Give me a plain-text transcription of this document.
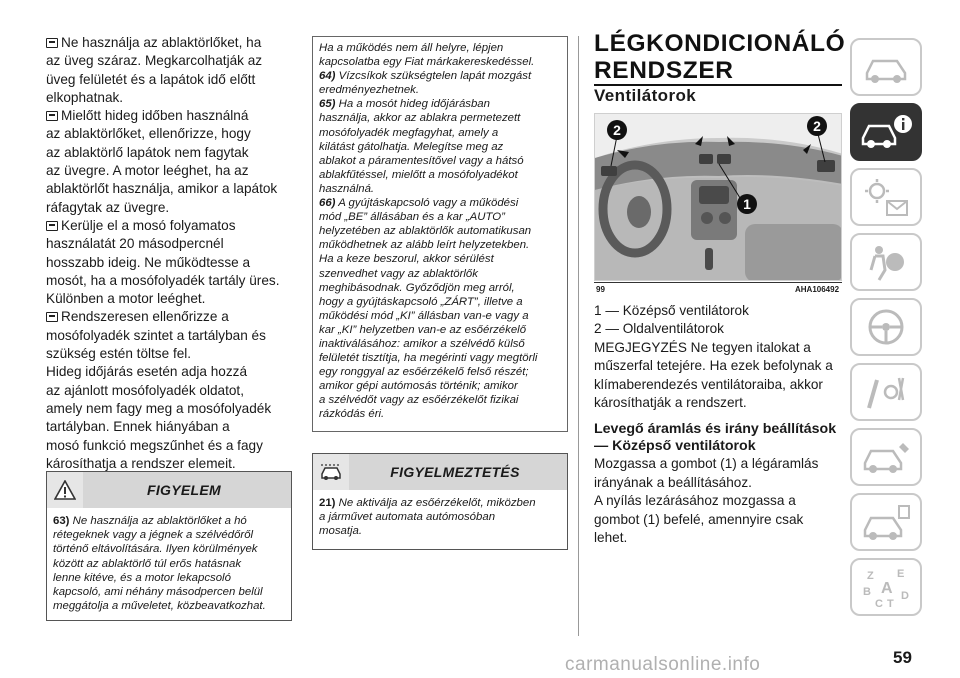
Ne használja az ablaktörlőket, ha

az üveg száraz. Megkarcolhatják az

üveg felületét és a lapátok idő előtt

elkophatnak.

Mielőtt hideg időben használná

az ablaktörlőket, ellenőrizze, hogy

az ablaktörlő lapátok nem fagytak

az üvegre. A motor leéghet, ha az

ablaktörlőt használja, amikor a lapátok

ráfagytak az üvegre.

Kerülje el a mosó folyamatos

használatát 20 másodpercnél

hosszabb ideig. Ne működtesse a

mosót, ha a mosófolyadék tartály üres.

Különben a motor leéghet.

Rendszeresen ellenőrizze a

mosófolyadék szintet a tartályban és

szükség estén töltse fel.

Hideg időjárás esetén adja hozzá

az ajánlott mosófolyadék oldatot,

amely nem fagy meg a mosófolyadék

tartályban. Ennek hiányában a

mosó funkció megszűnhet és a fagy

károsíthatja a rendszer elemeit.

FIGYELEM
63) Ne használja az ablaktörlőket a hó
rétegeknek vagy a jégnek a szélvédőről
történő eltávolítására. Ilyen körülmények
között az ablaktörlő túl erős hatásnak
lenne kitéve, és a motor lekapcsoló
kapcsoló, ami néhány másodpercen belül
meggátolja a műveletet, közbeavatkozhat.

Ha a működés nem áll helyre, lépjen
kapcsolatba egy Fiat márkakereskedéssel.

64) Vízcsíkok szükségtelen lapát mozgást
eredményezhetnek.

65) Ha a mosót hideg időjárásban
használja, akkor az ablakra permetezett
mosófolyadék megfagyhat, amely a
kilátást gátolhatja. Melegítse meg az
ablakot a páramentesítővel vagy a hátsó
ablakfűtéssel, mielőtt a mosófolyadékot
használná.

66) A gyújtáskapcsoló vagy a működési
mód „BE” állásában és a kar „AUTO”
helyzetében az ablaktörlők automatikusan
működhetnek az alább leírt helyzetekben.
Ha a keze beszorul, akkor sérülést
szenvedhet vagy az ablaktörlők
meghibásodnak. Győződjön meg arról,
hogy a gyújtáskapcsoló „ZÁRT”, illetve a
működési mód „KI” állásban van-e vagy a
kar „KI” helyzetben van-e az esőérzékelő
inaktiválásához: amikor a szélvédő külső
felületét tisztítja, ha megérinti vagy megtörli
egy ronggyal az esőérzékelő felső részét;
amikor gépi autómosás történik; amikor
a szélvédőt vagy az esőérzékelőt fizikai
rázkódás éri.

FIGYELMEZTETÉS
21) Ne aktiválja az esőérzékelőt, miközben
a járművet automata autómosóban
mosatja.
LÉGKONDICIONÁLÓ
RENDSZER
Ventilátorok
2	2
1
99	AHA106492

1 — Középső ventilátorok

2 — Oldalventilátorok

MEGJEGYZÉS Ne tegyen italokat a

műszerfal tetejére. Ha ezek befolynak a

klímaberendezés ventilátoraiba, akkor

károsíthatják a rendszert.

Levegő áramlás és irány beállítások
— Középső ventilátorok

Mozgassa a gombot (1) a légáramlás

irányának a beállításához.

A nyílás lezárásához mozgassa a

gombot (1) befelé, amennyire csak

lehet.

Z E
B A
C T
D
carmanualsonline.info	59
